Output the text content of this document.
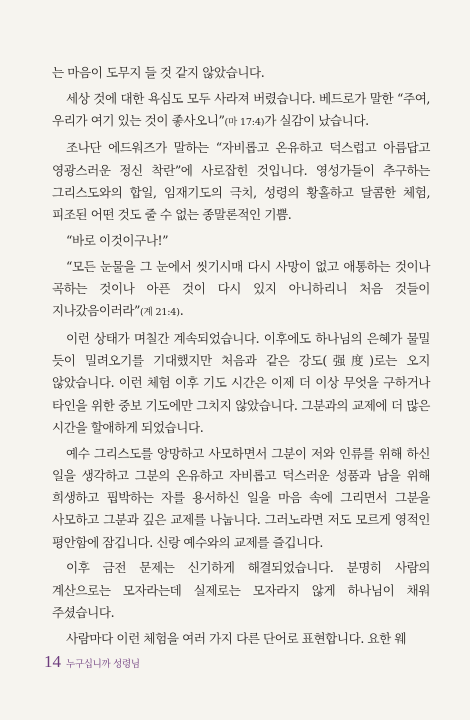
는 마음이 도무지 들 것 같지 않았습니다.

세상 것에 대한 욕심도 모두 사라져 버렸습니다. 베드로가 말한 “주여, 우리가 여기 있는 것이 좋사오니”(마 17:4)가 실감이 났습니다.

조나단 에드워즈가 말하는 “자비롭고 온유하고 덕스럽고 아름답고 영광스러운 정신 착란”에 사로잡힌 것입니다. 영성가들이 추구하는 그리스도와의 합일, 임재기도의 극치, 성령의 황홀하고 달콤한 체험, 피조된 어떤 것도 줄 수 없는 종말론적인 기쁨.

“바로 이것이구나!”

“모든 눈물을 그 눈에서 씻기시매 다시 사망이 없고 애통하는 것이나 곡하는 것이나 아픈 것이 다시 있지 아니하리니 처음 것들이 지나갔음이러라”(계 21:4).

이런 상태가 며칠간 계속되었습니다. 이후에도 하나님의 은혜가 물밀 듯이 밀려오기를 기대했지만 처음과 같은 강도(强度)로는 오지 않았습니다. 이런 체험 이후 기도 시간은 이제 더 이상 무엇을 구하거나 타인을 위한 중보 기도에만 그치지 않았습니다. 그분과의 교제에 더 많은 시간을 할애하게 되었습니다.

예수 그리스도를 앙망하고 사모하면서 그분이 저와 인류를 위해 하신 일을 생각하고 그분의 온유하고 자비롭고 덕스러운 성품과 남을 위해 희생하고 핍박하는 자를 용서하신 일을 마음 속에 그리면서 그분을 사모하고 그분과 깊은 교제를 나눕니다. 그러노라면 저도 모르게 영적인 평안함에 잠깁니다. 신랑 예수와의 교제를 즐깁니다.

이후 금전 문제는 신기하게 해결되었습니다. 분명히 사람의 계산으로는 모자라는데 실제로는 모자라지 않게 하나님이 채워 주셨습니다.

사람마다 이런 체험을 여러 가지 다른 단어로 표현합니다. 요한 웨

14 누구십니까 성령님
